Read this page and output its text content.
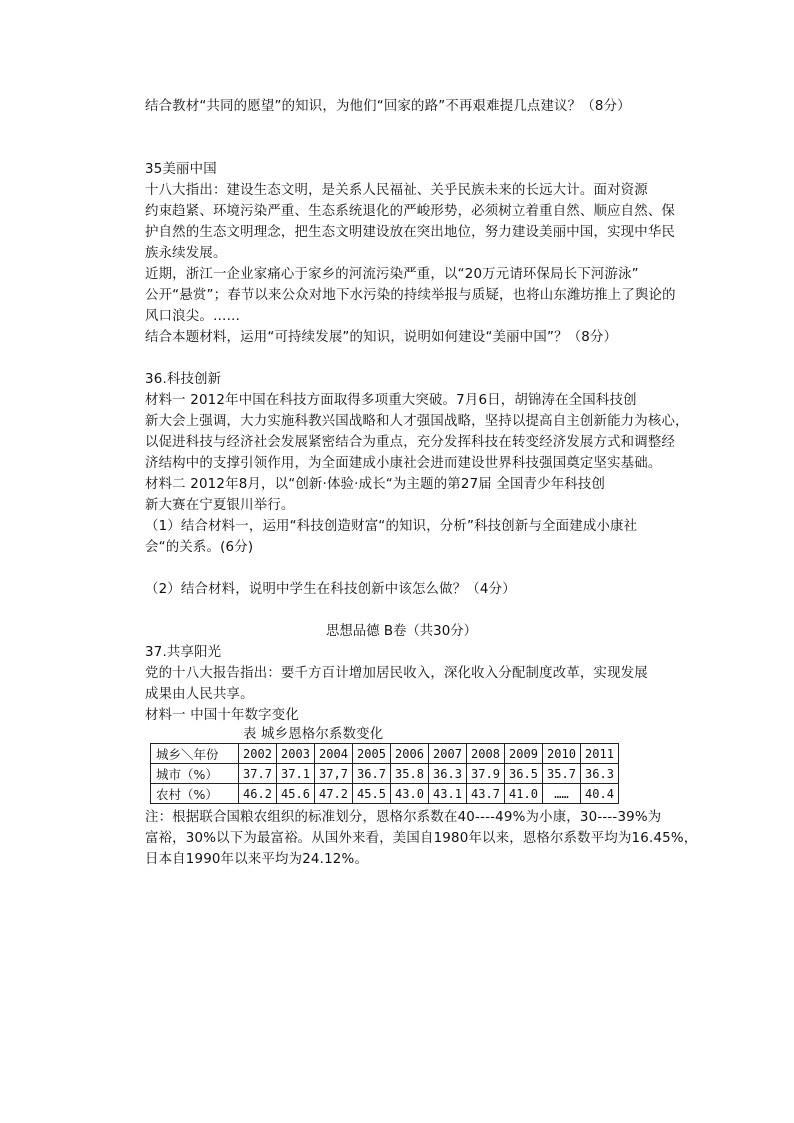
结合教材“共同的愿望”的知识，为他们“回家的路”不再艰难提几点建议？（8分）
35美丽中国
十八大指出：建设生态文明，是关系人民福祉、关乎民族未来的长远大计。面对资源
约束趋紧、环境污染严重、生态系统退化的严峻形势，必须树立着重自然、顺应自然、保
护自然的生态文明理念，把生态文明建设放在突出地位，努力建设美丽中国，实现中华民
族永续发展。
近期，浙江一企业家痛心于家乡的河流污染严重，以“20万元请环保局长下河游泳”
公开“悬赏”；春节以来公众对地下水污染的持续举报与质疑，也将山东潍坊推上了舆论的
风口浪尖。……
结合本题材料，运用“可持续发展”的知识，说明如何建设“美丽中国”？（8分）
36.科技创新
材料一 2012年中国在科技方面取得多项重大突破。7月6日，胡锦涛在全国科技创
新大会上强调，大力实施科教兴国战略和人才强国战略，坚持以提高自主创新能力为核心，
以促进科技与经济社会发展紧密结合为重点，充分发挥科技在转变经济发展方式和调整经
济结构中的支撑引领作用，为全面建成小康社会进而建设世界科技强国奠定坚实基础。
材料二 2012年8月，以“创新·体验·成长“为主题的第27届 全国青少年科技创
新大赛在宁夏银川举行。
（1）结合材料一，运用“科技创造财富“的知识，分析”科技创新与全面建成小康社
会“的关系。(6分)
（2）结合材料，说明中学生在科技创新中该怎么做？（4分）
思想品德 B卷（共30分）
37.共享阳光
党的十八大报告指出：要千方百计增加居民收入，深化收入分配制度改革，实现发展
成果由人民共享。
材料一 中国十年数字变化
表 城乡恩格尔系数变化
城乡＼年份	2002	2003	2004	2005	2006	2007	2008	2009	2010	2011
城市（%）	37.7	37.1	37,7	36.7	35.8	36.3	37.9	36.5	35.7	36.3
农村（%）	46.2	45.6	47.2	45.5	43.0	43.1	43.7	41.0	……	40.4
注：根据联合国粮农组织的标准划分，恩格尔系数在40----49%为小康，30----39%为
富裕，30%以下为最富裕。从国外来看，美国自1980年以来，恩格尔系数平均为16.45%，
日本自1990年以来平均为24.12%。
